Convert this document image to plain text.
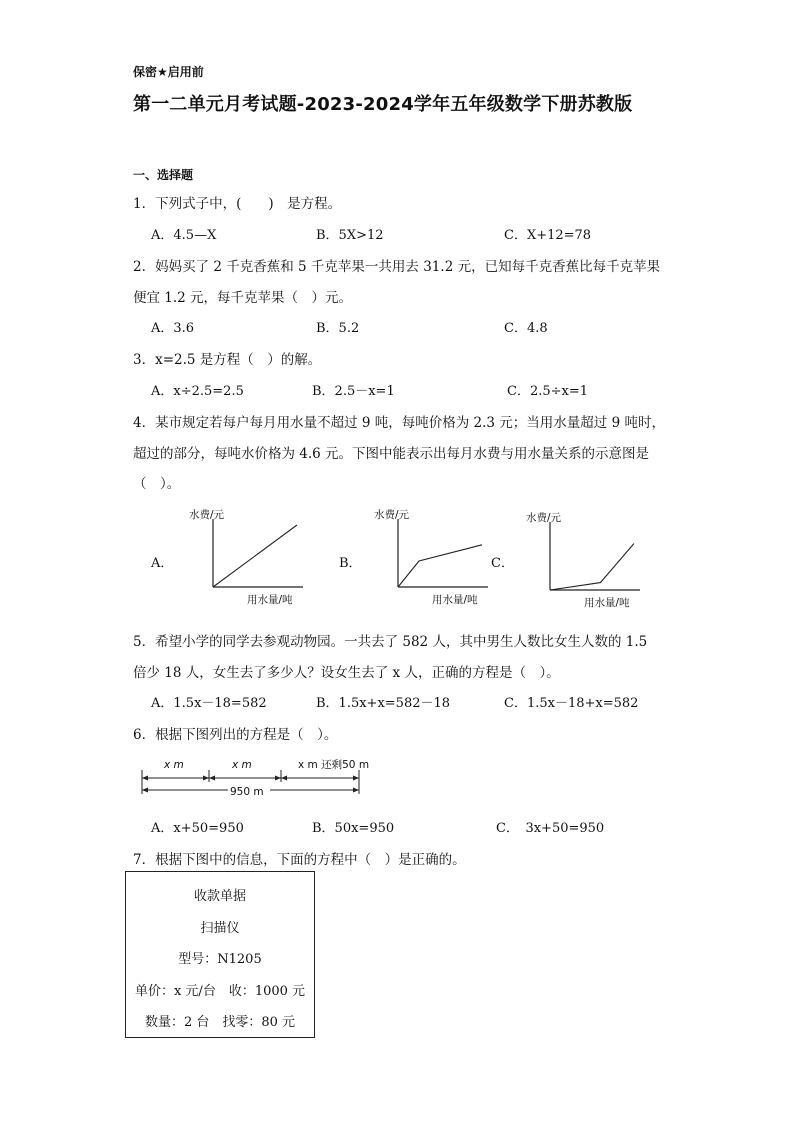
保密★启用前
第一二单元月考试题-2023-2024学年五年级数学下册苏教版
一、选择题
1．下列式子中，(　　)　是方程。
A．4.5—X	B．5X>12	C．X+12=78
2．妈妈买了 2 千克香蕉和 5 千克苹果一共用去 31.2 元，已知每千克香蕉比每千克苹果
便宜 1.2 元，每千克苹果（　）元。
A．3.6	B．5.2	C．4.8
3．x=2.5 是方程（　）的解。
A．x÷2.5=2.5	B．2.5－x=1	C．2.5÷x=1
4．某市规定若每户每月用水量不超过 9 吨，每吨价格为 2.3 元；当用水量超过 9 吨时，
超过的部分，每吨水价格为 4.6 元。下图中能表示出每月水费与用水量关系的示意图是
（　）。
A．	B．	C．
水费/元
用水量/吨
水费/元
用水量/吨
水费/元
用水量/吨
5．希望小学的同学去参观动物园。一共去了 582 人，其中男生人数比女生人数的 1.5
倍少 18 人，女生去了多少人？设女生去了 x 人，正确的方程是（　）。
A．1.5x－18=582	B．1.5x+x=582－18	C．1.5x－18+x=582
6．根据下图列出的方程是（　）。
x m	x m	x m 还剩50 m
950 m
A．x+50=950	B．50x=950	C．　3x+50=950
7．根据下图中的信息，下面的方程中（　）是正确的。
收款单据
扫描仪
型号：N1205
单价：x 元/台　收：1000 元
数量：2 台　找零：80 元
